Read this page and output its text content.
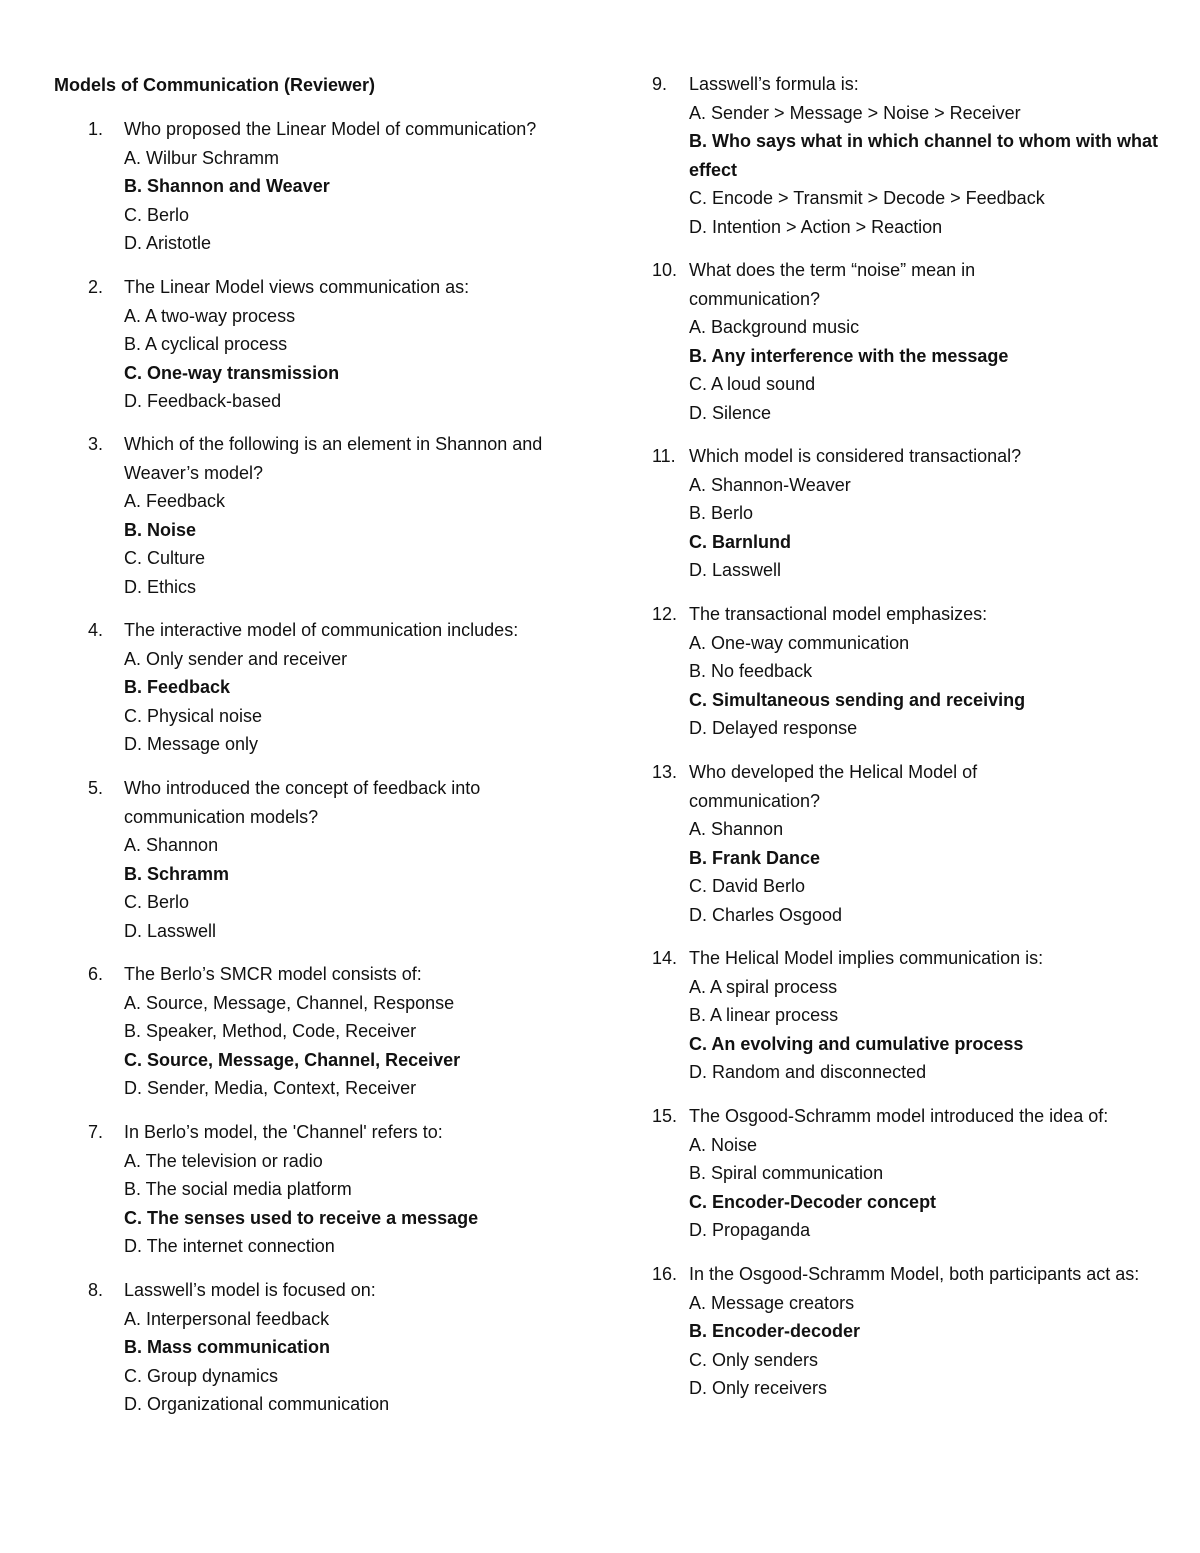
Models of Communication (Reviewer)
1. Who proposed the Linear Model of communication?
A. Wilbur Schramm
B. Shannon and Weaver
C. Berlo
D. Aristotle
2. The Linear Model views communication as:
A. A two-way process
B. A cyclical process
C. One-way transmission
D. Feedback-based
3. Which of the following is an element in Shannon and Weaver’s model?
A. Feedback
B. Noise
C. Culture
D. Ethics
4. The interactive model of communication includes:
A. Only sender and receiver
B. Feedback
C. Physical noise
D. Message only
5. Who introduced the concept of feedback into communication models?
A. Shannon
B. Schramm
C. Berlo
D. Lasswell
6. The Berlo’s SMCR model consists of:
A. Source, Message, Channel, Response
B. Speaker, Method, Code, Receiver
C. Source, Message, Channel, Receiver
D. Sender, Media, Context, Receiver
7. In Berlo’s model, the 'Channel' refers to:
A. The television or radio
B. The social media platform
C. The senses used to receive a message
D. The internet connection
8. Lasswell’s model is focused on:
A. Interpersonal feedback
B. Mass communication
C. Group dynamics
D. Organizational communication
9. Lasswell’s formula is:
A. Sender > Message > Noise > Receiver
B. Who says what in which channel to whom with what effect
C. Encode > Transmit > Decode > Feedback
D. Intention > Action > Reaction
10. What does the term “noise” mean in communication?
A. Background music
B. Any interference with the message
C. A loud sound
D. Silence
11. Which model is considered transactional?
A. Shannon-Weaver
B. Berlo
C. Barnlund
D. Lasswell
12. The transactional model emphasizes:
A. One-way communication
B. No feedback
C. Simultaneous sending and receiving
D. Delayed response
13. Who developed the Helical Model of communication?
A. Shannon
B. Frank Dance
C. David Berlo
D. Charles Osgood
14. The Helical Model implies communication is:
A. A spiral process
B. A linear process
C. An evolving and cumulative process
D. Random and disconnected
15. The Osgood-Schramm model introduced the idea of:
A. Noise
B. Spiral communication
C. Encoder-Decoder concept
D. Propaganda
16. In the Osgood-Schramm Model, both participants act as:
A. Message creators
B. Encoder-decoder
C. Only senders
D. Only receivers
